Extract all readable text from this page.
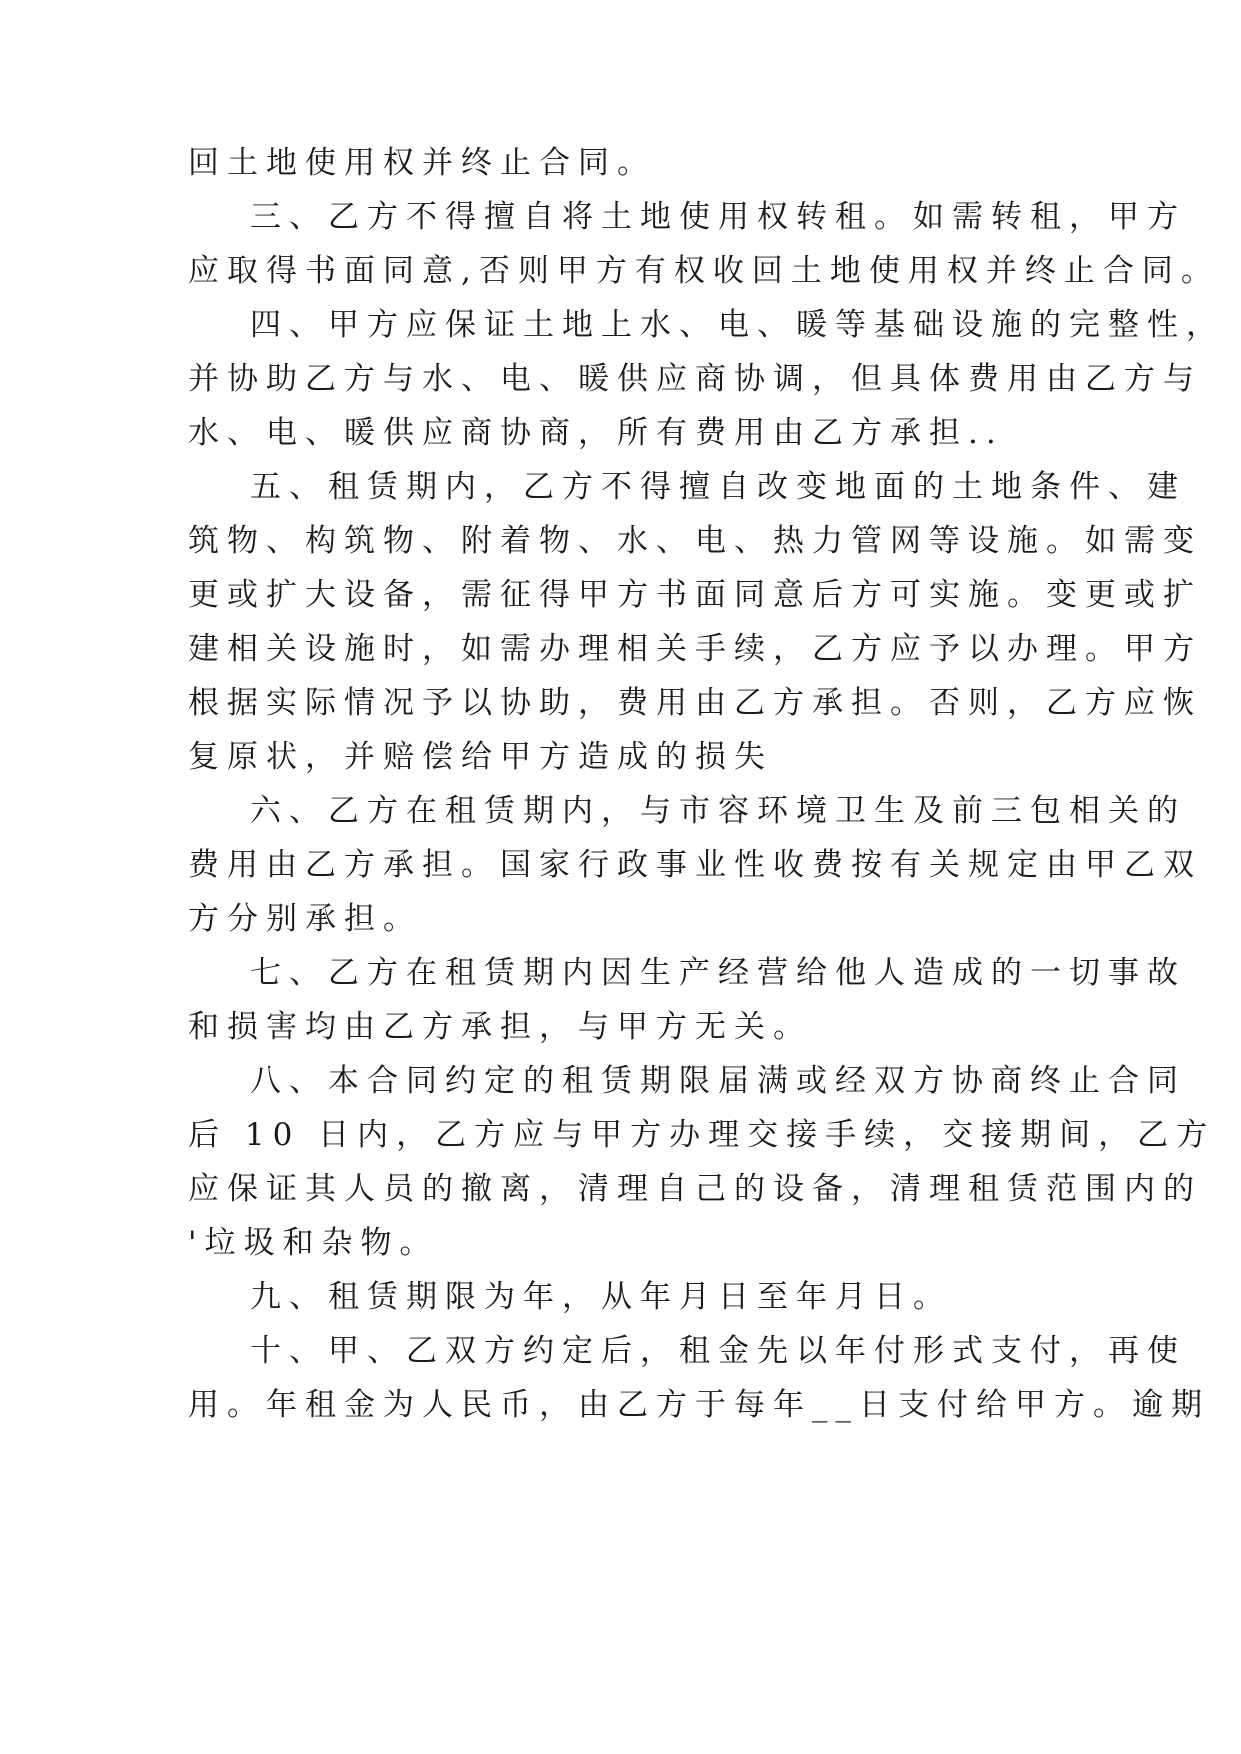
回土地使用权并终止合同。
三、乙方不得擅自将土地使用权转租。如需转租，甲方
应取得书面同意,否则甲方有权收回土地使用权并终止合同。
四、甲方应保证土地上水、电、暖等基础设施的完整性，
并协助乙方与水、电、暖供应商协调，但具体费用由乙方与
水、电、暖供应商协商，所有费用由乙方承担..
五、租赁期内，乙方不得擅自改变地面的土地条件、建
筑物、构筑物、附着物、水、电、热力管网等设施。如需变
更或扩大设备，需征得甲方书面同意后方可实施。变更或扩
建相关设施时，如需办理相关手续，乙方应予以办理。甲方
根据实际情况予以协助，费用由乙方承担。否则，乙方应恢
复原状，并赔偿给甲方造成的损失
六、乙方在租赁期内，与市容环境卫生及前三包相关的
费用由乙方承担。国家行政事业性收费按有关规定由甲乙双
方分别承担。
七、乙方在租赁期内因生产经营给他人造成的一切事故
和损害均由乙方承担，与甲方无关。
八、本合同约定的租赁期限届满或经双方协商终止合同
后 10 日内，乙方应与甲方办理交接手续，交接期间，乙方
应保证其人员的撤离，清理自己的设备，清理租赁范围内的
'垃圾和杂物。
九、租赁期限为年，从年月日至年月日。
十、甲、乙双方约定后，租金先以年付形式支付，再使
用。年租金为人民币，由乙方于每年__日支付给甲方。逾期
